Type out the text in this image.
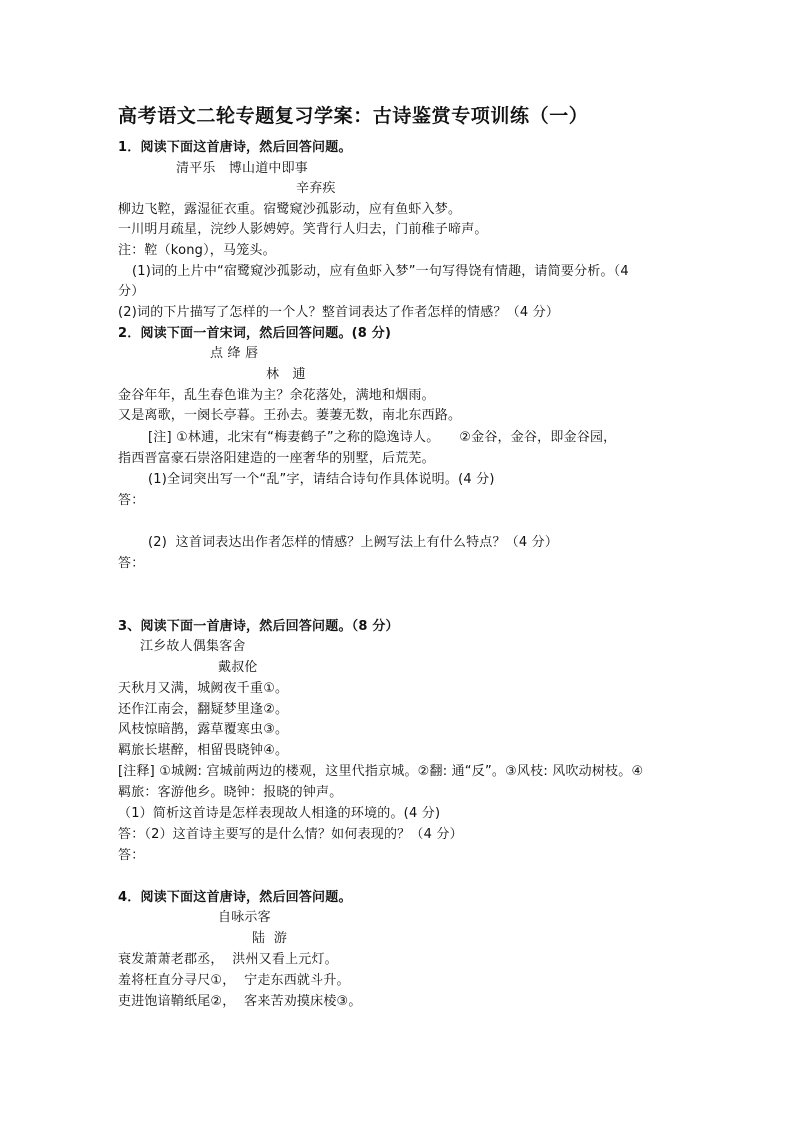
高考语文二轮专题复习学案：古诗鉴赏专项训练（一）
1．阅读下面这首唐诗，然后回答问题。
清平乐　博山道中即事
辛弃疾
柳边飞鞚，露湿征衣重。宿鹭窥沙孤影动，应有鱼虾入梦。
一川明月疏星，浣纱人影娉婷。笑背行人归去，门前稚子啼声。
注：鞚（kong），马笼头。
(1)词的上片中“宿鹭窥沙孤影动，应有鱼虾入梦”一句写得饶有情趣，请简要分析。（4
分）
(2)词的下片描写了怎样的一个人？整首词表达了作者怎样的情感？（4 分）
2．阅读下面一首宋词，然后回答问题。(8 分)
点 绛 唇
林　逋
金谷年年，乱生春色谁为主？余花落处，满地和烟雨。
又是离歌，一阕长亭暮。王孙去。萋萋无数，南北东西路。
[注] ①林逋，北宋有“梅妻鹤子”之称的隐逸诗人。　　②金谷，金谷，即金谷园，
指西晋富豪石崇洛阳建造的一座奢华的别墅，后荒芜。
(1)全词突出写一个“乱”字，请结合诗句作具体说明。(4 分)
答：
(2)  这首词表达出作者怎样的情感？上阙写法上有什么特点？（4 分）
答：
3、阅读下面一首唐诗，然后回答问题。（8 分）
江乡故人偶集客舍
戴叔伦
天秋月又满，城阙夜千重①。
还作江南会，翻疑梦里逢②。
风枝惊暗鹊，露草覆寒虫③。
羁旅长堪醉，相留畏晓钟④。
[注释] ①城阙: 宫城前两边的楼观，这里代指京城。②翻: 通“反”。③风枝: 风吹动树枝。④
羁旅：客游他乡。晓钟：报晓的钟声。
（1）简析这首诗是怎样表现故人相逢的环境的。(4 分)
答：（2）这首诗主要写的是什么情？如何表现的？（4 分）
答：
4．阅读下面这首唐诗，然后回答问题。
自咏示客
陆  游
衰发萧萧老郡丞，  洪州又看上元灯。
羞将枉直分寻尺①，  宁走东西就斗升。
吏进饱谙鞘纸尾②，  客来苦劝摸床棱③。
